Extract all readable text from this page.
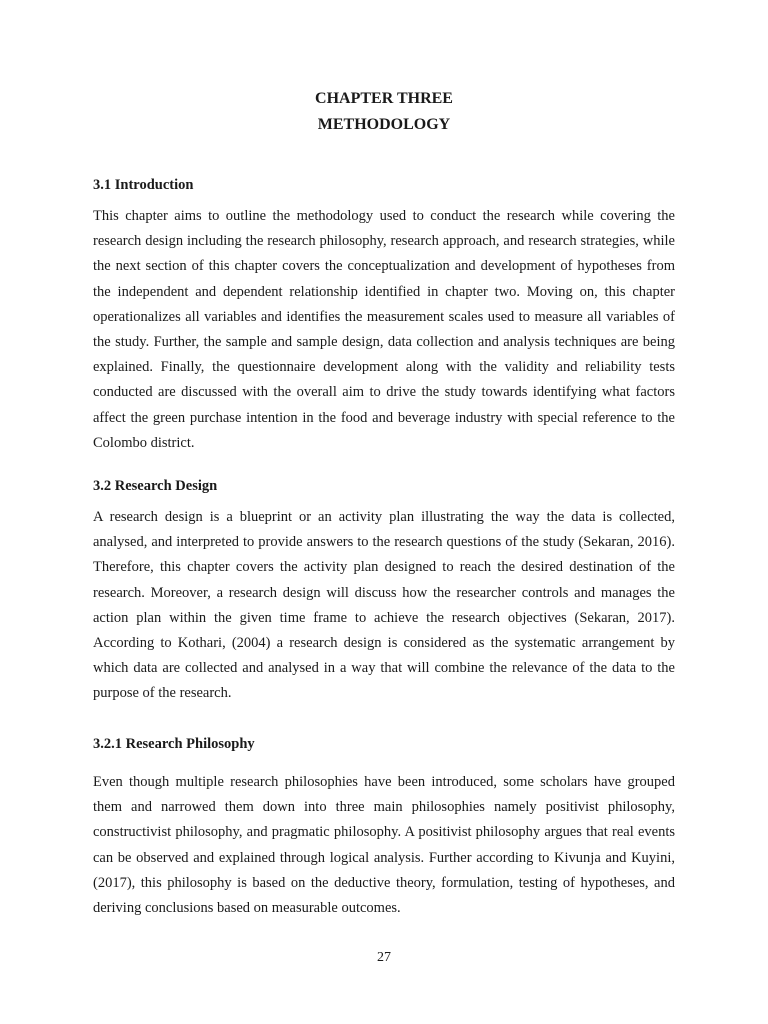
CHAPTER THREE
METHODOLOGY
3.1 Introduction

This chapter aims to outline the methodology used to conduct the research while covering the research design including the research philosophy, research approach, and research strategies, while the next section of this chapter covers the conceptualization and development of hypotheses from the independent and dependent relationship identified in chapter two. Moving on, this chapter operationalizes all variables and identifies the measurement scales used to measure all variables of the study. Further, the sample and sample design, data collection and analysis techniques are being explained. Finally, the questionnaire development along with the validity and reliability tests conducted are discussed with the overall aim to drive the study towards identifying what factors affect the green purchase intention in the food and beverage industry with special reference to the Colombo district.

3.2 Research Design

A research design is a blueprint or an activity plan illustrating the way the data is collected, analysed, and interpreted to provide answers to the research questions of the study (Sekaran, 2016). Therefore, this chapter covers the activity plan designed to reach the desired destination of the research. Moreover, a research design will discuss how the researcher controls and manages the action plan within the given time frame to achieve the research objectives (Sekaran, 2017). According to Kothari, (2004) a research design is considered as the systematic arrangement by which data are collected and analysed in a way that will combine the relevance of the data to the purpose of the research.

3.2.1 Research Philosophy

Even though multiple research philosophies have been introduced, some scholars have grouped them and narrowed them down into three main philosophies namely positivist philosophy, constructivist philosophy, and pragmatic philosophy. A positivist philosophy argues that real events can be observed and explained through logical analysis. Further according to Kivunja and Kuyini, (2017), this philosophy is based on the deductive theory, formulation, testing of hypotheses, and deriving conclusions based on measurable outcomes.

27
